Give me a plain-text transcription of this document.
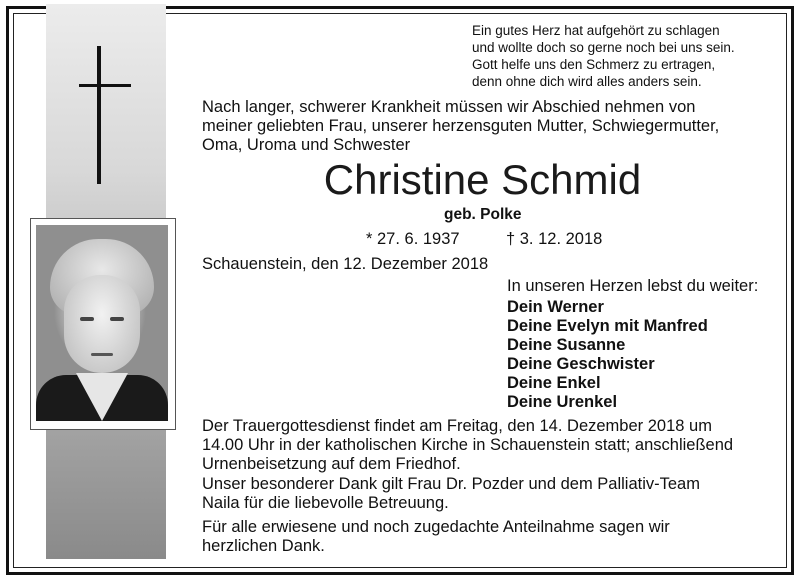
Ein gutes Herz hat aufgehört zu schlagen
und wollte doch so gerne noch bei uns sein.
Gott helfe uns den Schmerz zu ertragen,
denn ohne dich wird alles anders sein.
Nach langer, schwerer Krankheit müssen wir Abschied nehmen von
meiner geliebten Frau, unserer herzensguten Mutter, Schwiegermutter,
Oma, Uroma und Schwester
Christine Schmid
geb. Polke
* 27. 6. 1937	† 3. 12. 2018
Schauenstein, den 12. Dezember 2018
In unseren Herzen lebst du weiter:
Dein Werner
Deine Evelyn mit Manfred
Deine Susanne
Deine Geschwister
Deine Enkel
Deine Urenkel
Der Trauergottesdienst findet am Freitag, den 14. Dezember 2018 um
14.00 Uhr in der katholischen Kirche in Schauenstein statt; anschließend
Urnenbeisetzung auf dem Friedhof.
Unser besonderer Dank gilt Frau Dr. Pozder und dem Palliativ-Team
Naila für die liebevolle Betreuung.
Für alle erwiesene und noch zugedachte Anteilnahme sagen wir
herzlichen Dank.
